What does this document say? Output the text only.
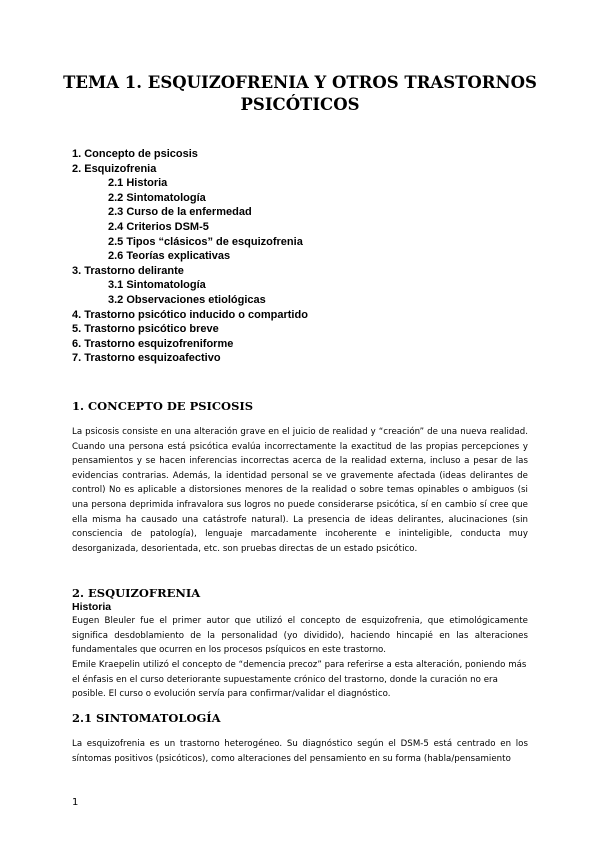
TEMA 1. ESQUIZOFRENIA Y OTROS TRASTORNOS
PSICÓTICOS
1. Concepto de psicosis
2. Esquizofrenia
2.1 Historia
2.2 Sintomatología
2.3 Curso de la enfermedad
2.4 Criterios DSM-5
2.5 Tipos “clásicos” de esquizofrenia
2.6 Teorías explicativas
3. Trastorno delirante
3.1 Sintomatología
3.2 Observaciones etiológicas
4. Trastorno psicótico inducido o compartido
5. Trastorno psicótico breve
6. Trastorno esquizofreniforme
7. Trastorno esquizoafectivo
1. CONCEPTO DE PSICOSIS

La psicosis consiste en una alteración grave en el juicio de realidad y “creación” de una nueva realidad. Cuando una persona está psicótica evalúa incorrectamente la exactitud de las propias percepciones y pensamientos y se hacen inferencias incorrectas acerca de la realidad externa, incluso a pesar de las evidencias contrarias. Además, la identidad personal se ve gravemente afectada (ideas delirantes de control) No es aplicable a distorsiones menores de la realidad o sobre temas opinables o ambiguos (si una persona deprimida infravalora sus logros no puede considerarse psicótica, sí en cambio sí cree que ella misma ha causado una catástrofe natural). La presencia de ideas delirantes, alucinaciones (sin consciencia de patología), lenguaje marcadamente incoherente e ininteligible, conducta muy desorganizada, desorientada, etc. son pruebas directas de un estado psicótico.

2. ESQUIZOFRENIA
Historia

Eugen Bleuler fue el primer autor que utilizó el concepto de esquizofrenia, que etimológicamente significa desdoblamiento de la personalidad (yo dividido), haciendo hincapié en las alteraciones fundamentales que ocurren en los procesos psíquicos en este trastorno.

Emile Kraepelin utilizó el concepto de “demencia precoz” para referirse a esta alteración, poniendo más el énfasis en el curso deteriorante supuestamente crónico del trastorno, donde la curación no era posible. El curso o evolución servía para confirmar/validar el diagnóstico.

2.1 SINTOMATOLOGÍA

La esquizofrenia es un trastorno heterogéneo. Su diagnóstico según el DSM-5 está centrado en los síntomas positivos (psicóticos), como alteraciones del pensamiento en su forma (habla/pensamiento

1
